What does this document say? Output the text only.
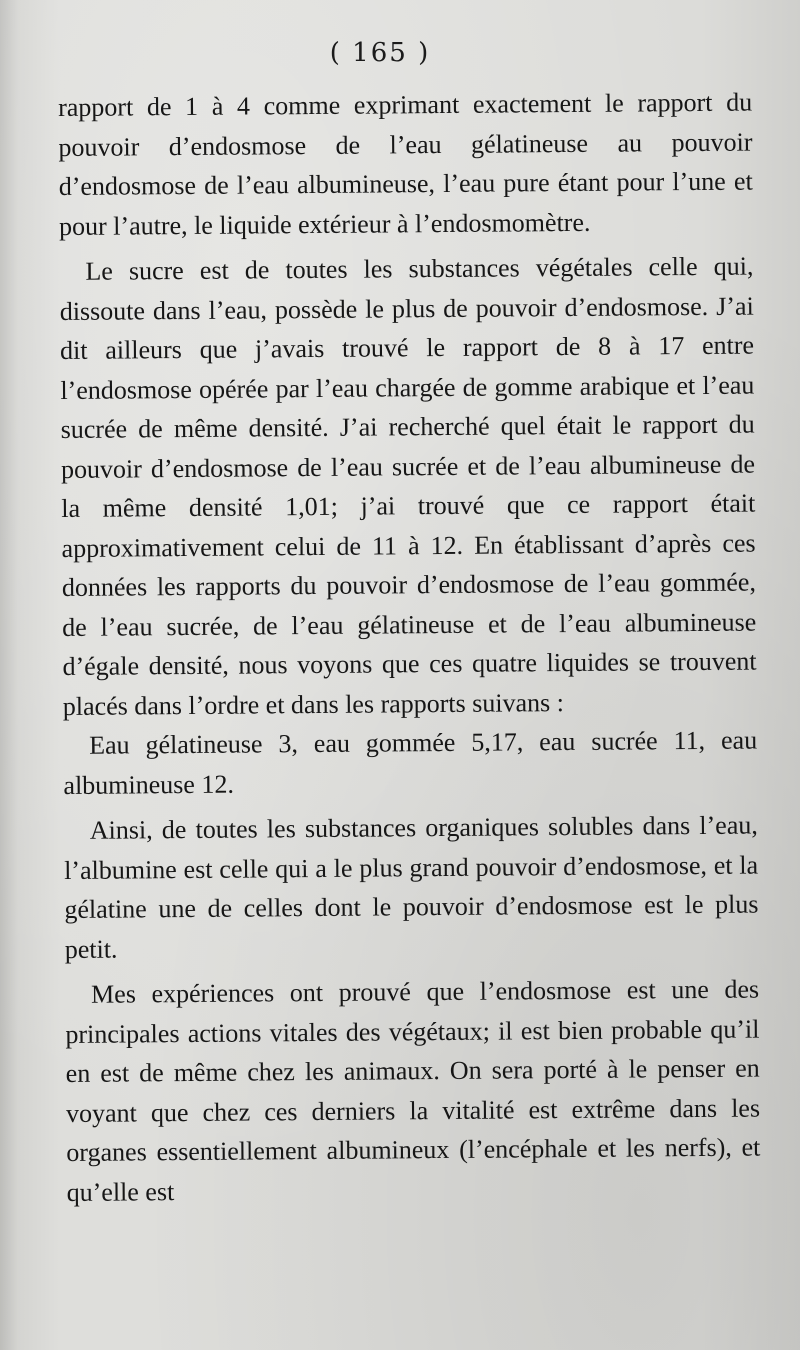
( 165 )

rapport de 1 à 4 comme exprimant exactement le rapport du pouvoir d’endosmose de l’eau gélatineuse au pouvoir d’endosmose de l’eau albumineuse, l’eau pure étant pour l’une et pour l’autre, le liquide extérieur à l’endosmomètre.

Le sucre est de toutes les substances végétales celle qui, dissoute dans l’eau, possède le plus de pouvoir d’endosmose. J’ai dit ailleurs que j’avais trouvé le rapport de 8 à 17 entre l’endosmose opérée par l’eau chargée de gomme arabique et l’eau sucrée de même densité. J’ai recherché quel était le rapport du pouvoir d’endosmose de l’eau sucrée et de l’eau albumineuse de la même densité 1,01; j’ai trouvé que ce rapport était approximativement celui de 11 à 12. En établissant d’après ces données les rapports du pouvoir d’endosmose de l’eau gommée, de l’eau sucrée, de l’eau gélatineuse et de l’eau albumineuse d’égale densité, nous voyons que ces quatre liquides se trouvent placés dans l’ordre et dans les rapports suivans :

Eau gélatineuse 3, eau gommée 5,17, eau sucrée 11, eau albumineuse 12.

Ainsi, de toutes les substances organiques solubles dans l’eau, l’albumine est celle qui a le plus grand pouvoir d’endosmose, et la gélatine une de celles dont le pouvoir d’endosmose est le plus petit.

Mes expériences ont prouvé que l’endosmose est une des principales actions vitales des végétaux; il est bien probable qu’il en est de même chez les animaux. On sera porté à le penser en voyant que chez ces derniers la vitalité est extrême dans les organes essentiellement albumineux (l’encéphale et les nerfs), et qu’elle est
